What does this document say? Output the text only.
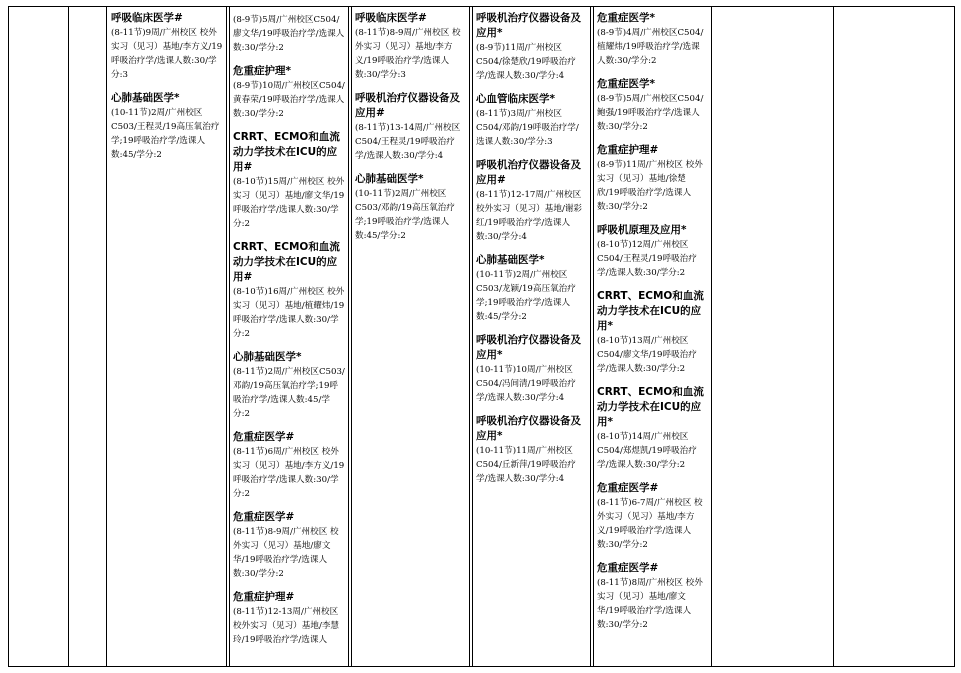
呼吸临床医学#
(8-11节)9周/广州校区 校外实习（见习）基地/李方义/19呼吸治疗学/选课人数:30/学分:3
心肺基础医学*
(10-11节)2周/广州校区C503/王程灵/19高压氧治疗学;19呼吸治疗学/选课人数:45/学分:2
(8-9节)5周/广州校区C504/廖文华/19呼吸治疗学/选课人数:30/学分:2
危重症护理*
(8-9节)10周/广州校区C504/黄春荣/19呼吸治疗学/选课人数:30/学分:2
CRRT、ECMO和血流动力学技术在ICU的应用#
(8-10节)15周/广州校区 校外实习（见习）基地/廖文华/19呼吸治疗学/选课人数:30/学分:2
CRRT、ECMO和血流动力学技术在ICU的应用#
(8-10节)16周/广州校区 校外实习（见习）基地/植耀炜/19呼吸治疗学/选课人数:30/学分:2
心肺基础医学*
(8-11节)2周/广州校区C503/邓韵/19高压氧治疗学;19呼吸治疗学/选课人数:45/学分:2
危重症医学#
(8-11节)6周/广州校区 校外实习（见习）基地/李方义/19呼吸治疗学/选课人数:30/学分:2
危重症医学#
(8-11节)8-9周/广州校区 校外实习（见习）基地/廖文华/19呼吸治疗学/选课人数:30/学分:2
危重症护理#
(8-11节)12-13周/广州校区 校外实习（见习）基地/李慧玲/19呼吸治疗学/选课人
呼吸临床医学#
(8-11节)8-9周/广州校区 校外实习（见习）基地/李方义/19呼吸治疗学/选课人数:30/学分:3
呼吸机治疗仪器设备及应用#
(8-11节)13-14周/广州校区C504/王程灵/19呼吸治疗学/选课人数:30/学分:4
心肺基础医学*
(10-11节)2周/广州校区C503/邓韵/19高压氧治疗学;19呼吸治疗学/选课人数:45/学分:2
呼吸机治疗仪器设备及应用*
(8-9节)11周/广州校区C504/徐楚欣/19呼吸治疗学/选课人数:30/学分:4
心血管临床医学*
(8-11节)3周/广州校区C504/邓韵/19呼吸治疗学/选课人数:30/学分:3
呼吸机治疗仪器设备及应用#
(8-11节)12-17周/广州校区 校外实习（见习）基地/谢彩红/19呼吸治疗学/选课人数:30/学分:4
心肺基础医学*
(10-11节)2周/广州校区C503/龙颖/19高压氧治疗学;19呼吸治疗学/选课人数:45/学分:2
呼吸机治疗仪器设备及应用*
(10-11节)10周/广州校区C504/冯间清/19呼吸治疗学/选课人数:30/学分:4
呼吸机治疗仪器设备及应用*
(10-11节)11周/广州校区C504/丘新萍/19呼吸治疗学/选课人数:30/学分:4
危重症医学*
(8-9节)4周/广州校区C504/植耀炜/19呼吸治疗学/选课人数:30/学分:2
危重症医学*
(8-9节)5周/广州校区C504/鲍强/19呼吸治疗学/选课人数:30/学分:2
危重症护理#
(8-9节)11周/广州校区 校外实习（见习）基地/徐楚欣/19呼吸治疗学/选课人数:30/学分:2
呼吸机原理及应用*
(8-10节)12周/广州校区C504/王程灵/19呼吸治疗学/选课人数:30/学分:2
CRRT、ECMO和血流动力学技术在ICU的应用*
(8-10节)13周/广州校区C504/廖文华/19呼吸治疗学/选课人数:30/学分:2
CRRT、ECMO和血流动力学技术在ICU的应用*
(8-10节)14周/广州校区C504/郑煜凯/19呼吸治疗学/选课人数:30/学分:2
危重症医学#
(8-11节)6-7周/广州校区 校外实习（见习）基地/李方义/19呼吸治疗学/选课人数:30/学分:2
危重症医学#
(8-11节)8周/广州校区 校外实习（见习）基地/廖文华/19呼吸治疗学/选课人数:30/学分:2
